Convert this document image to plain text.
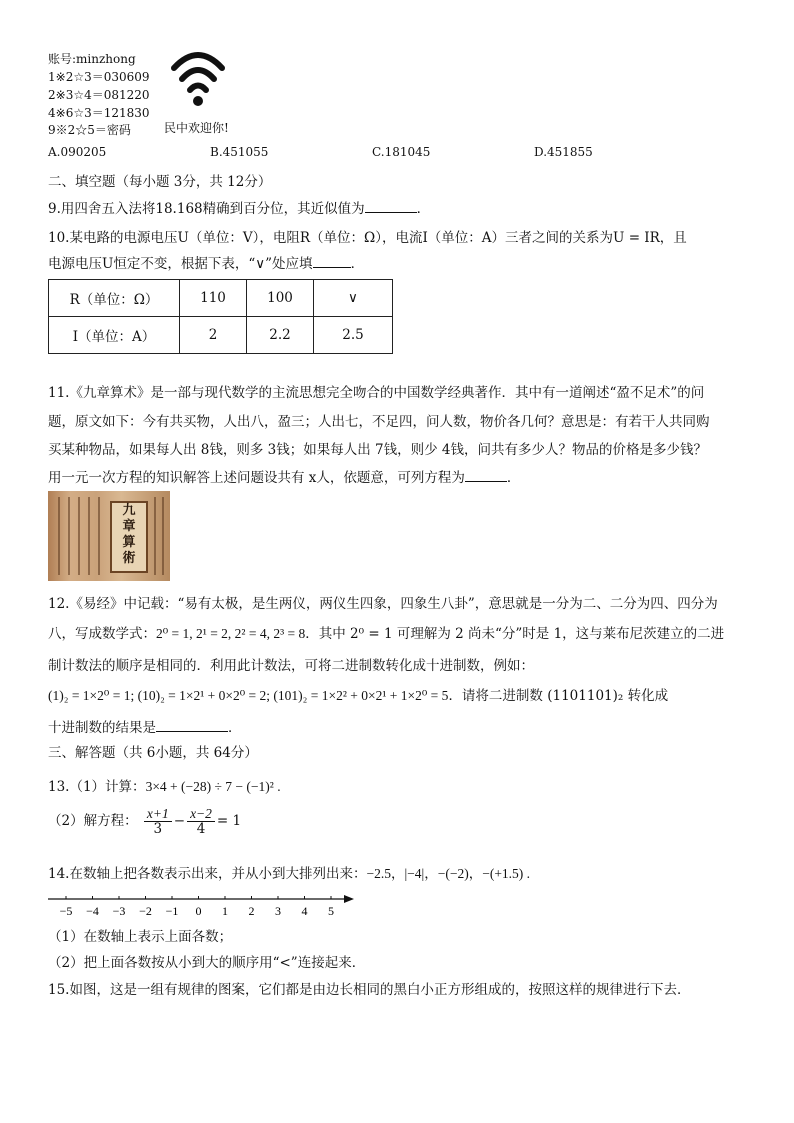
账号:minzhong
1※2☆3＝030609
2※3☆4＝081220
4※6☆3＝121830
9※2☆5＝密码	民中欢迎你!
A.090205	B.451055	C.181045	D.451855
二、填空题（每小题 3分，共 12分）
9.用四舍五入法将18.168精确到百分位，其近似值为	．
10.某电路的电源电压U（单位：V），电阻R（单位：Ω），电流I（单位：A）三者之间的关系为U = IR，且
电源电压U恒定不变，根据下表，“∨”处应填	．
R（单位：Ω）	110	100	∨
I（单位：A）	2	2.2	2.5
11.《九章算术》是一部与现代数学的主流思想完全吻合的中国数学经典著作．其中有一道阐述“盈不足术”的问
题，原文如下：今有共买物，人出八，盈三；人出七，不足四，问人数，物价各几何？意思是：有若干人共同购
买某种物品，如果每人出 8钱，则多 3钱；如果每人出 7钱，则少 4钱，问共有多少人？物品的价格是多少钱？
用一元一次方程的知识解答上述问题设共有 x人，依题意，可列方程为	．
九
章
算
術
12.《易经》中记载：“易有太极，是生两仪，两仪生四象，四象生八卦”，意思就是一分为二、二分为四、四分为
八，写成数学式：2⁰ = 1, 2¹ = 2, 2² = 4, 2³ = 8．其中 2⁰ = 1 可理解为 2 尚未“分”时是 1，这与莱布尼茨建立的二进
制计数法的顺序是相同的．利用此计数法，可将二进制数转化成十进制数，例如：
(1)₂ = 1×2⁰ = 1; (10)₂ = 1×2¹ + 0×2⁰ = 2; (101)₂ = 1×2² + 0×2¹ + 1×2⁰ = 5．请将二进制数 (1101101)₂ 转化成
十进制数的结果是	．
三、解答题（共 6小题，共 64分）
13.（1）计算：3×4 + (−28) ÷ 7 − (−1)² .
（2）解方程： $\frac{x+1}{3} - \frac{x-2}{4} = 1$
14.在数轴上把各数表示出来，并从小到大排列出来：−2.5，|−4|，−(−2)，−(+1.5) .
−5 −4 −3 −2 −1 0 1 2 3 4 5
（1）在数轴上表示上面各数；
（2）把上面各数按从小到大的顺序用“<”连接起来．
15.如图，这是一组有规律的图案，它们都是由边长相同的黑白小正方形组成的，按照这样的规律进行下去．
